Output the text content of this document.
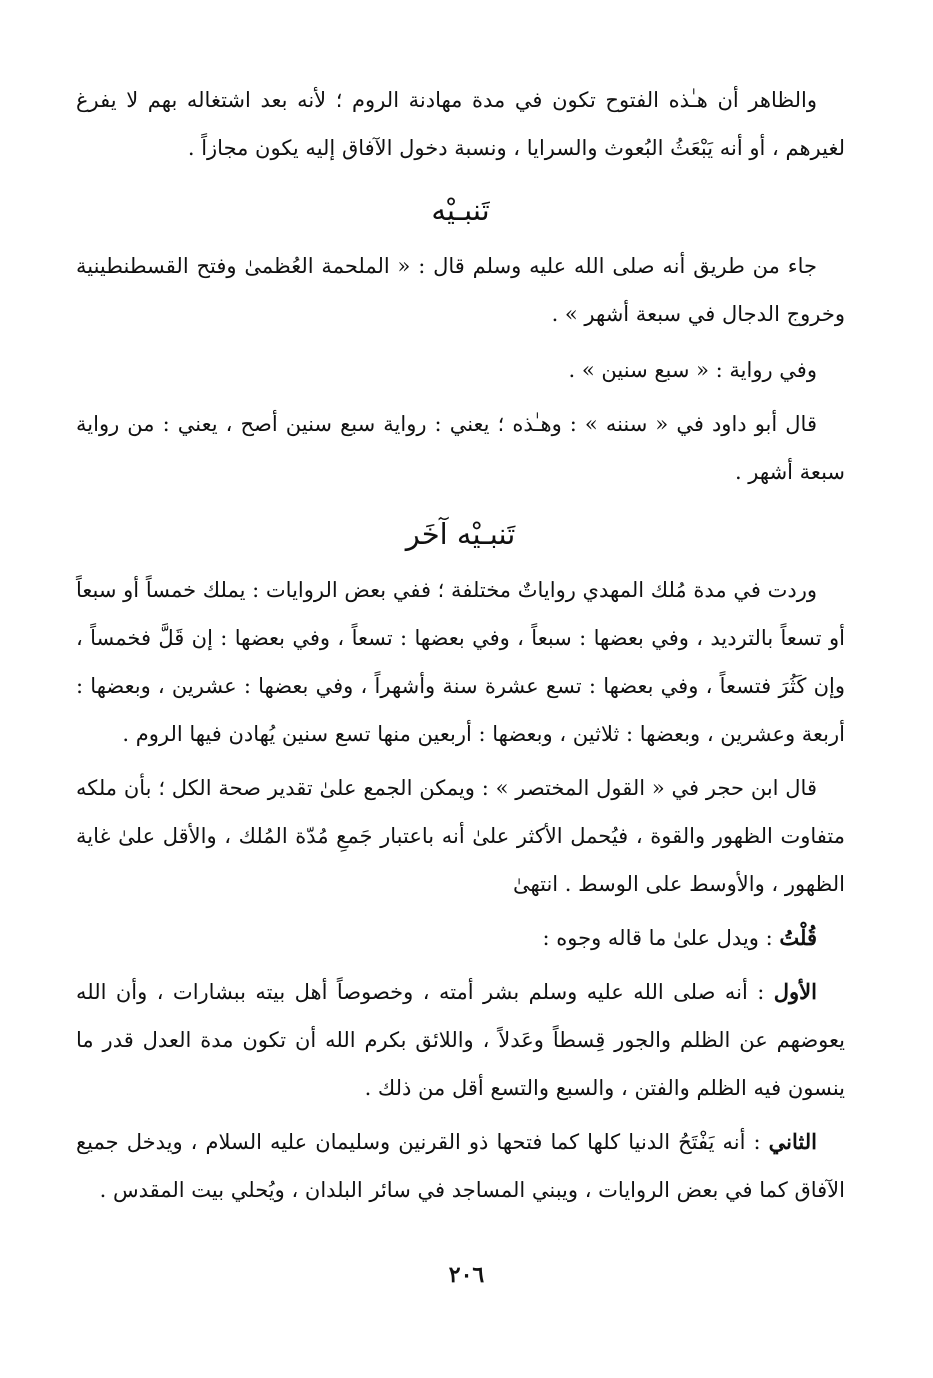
والظاهر أن هـٰذه الفتوح تكون في مدة مهادنة الروم ؛ لأنه بعد اشتغاله بهم لا يفرغ لغيرهم ، أو أنه يَبْعَثُ البُعوث والسرايا ، ونسبة دخول الآفاق إليه يكون مجازاً .

تَنبـيْه

جاء من طريق أنه صلى الله عليه وسلم قال : « الملحمة العُظمىٰ وفتح القسطنطينية وخروج الدجال في سبعة أشهر » .

وفي رواية : « سبع سنين » .

قال أبو داود في « سننه » : وهـٰذه ؛ يعني : رواية سبع سنين أصح ، يعني : من رواية سبعة أشهر .

تَنبـيْه آخَر

وردت في مدة مُلك المهدي رواياتٌ مختلفة ؛ ففي بعض الروايات : يملك خمساً أو سبعاً أو تسعاً بالترديد ، وفي بعضها : سبعاً ، وفي بعضها : تسعاً ، وفي بعضها : إن قَلَّ فخمساً ، وإن كَثُرَ فتسعاً ، وفي بعضها : تسع عشرة سنة وأشهراً ، وفي بعضها : عشرين ، وبعضها : أربعة وعشرين ، وبعضها : ثلاثين ، وبعضها : أربعين منها تسع سنين يُهادن فيها الروم .

قال ابن حجر في « القول المختصر » : ويمكن الجمع علىٰ تقدير صحة الكل ؛ بأن ملكه متفاوت الظهور والقوة ، فيُحمل الأكثر علىٰ أنه باعتبار جَمعِ مُدّة المُلك ، والأقل علىٰ غاية الظهور ، والأوسط على الوسط . انتهىٰ

قُلْتُ : ويدل علىٰ ما قاله وجوه :

الأول : أنه صلى الله عليه وسلم بشر أمته ، وخصوصاً أهل بيته ببشارات ، وأن الله يعوضهم عن الظلم والجور قِسطاً وعَدلاً ، واللائق بكرم الله أن تكون مدة العدل قدر ما ينسون فيه الظلم والفتن ، والسبع والتسع أقل من ذلك .

الثاني : أنه يَفْتَحُ الدنيا كلها كما فتحها ذو القرنين وسليمان عليه السلام ، ويدخل جميع الآفاق كما في بعض الروايات ، ويبني المساجد في سائر البلدان ، ويُحلي بيت المقدس .

٢٠٦
